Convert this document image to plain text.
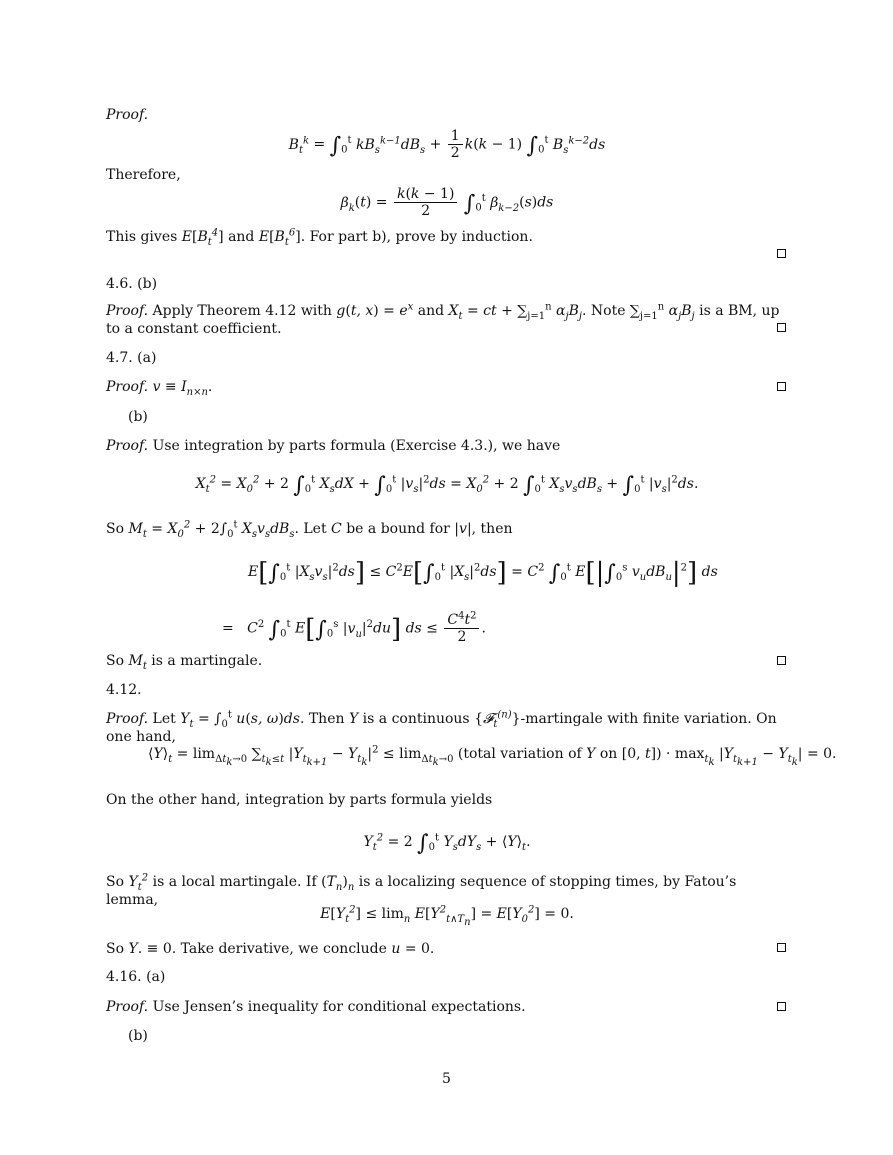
Proof.
$B_t^k = \int_0^t$ $kB_s^{k-1}dB_s + \frac{1}{2} k(k - 1)$ $\int_0^t$ $B_s^{k-2}ds$
Therefore,
$\beta_k(t) = \frac{k(k - 1)}{2} \int_0^t$ $\beta_{k-2}(s)ds$
This gives $E[B_t^4]$ and $E[B_t^6]$. For part b), prove by induction.
4.6. (b)
Proof. Apply Theorem 4.12 with g(t, $x) = e^x$ and $X_t$ = ct + $\sum_{j=1}^n$ $\alpha_jB_j$. Note $\sum_{j=1}^n$ $\alpha_jB_j$ is a BM, up to a constant coefficient.
4.7. (a)
Proof. $v \equiv I_{n\times n}$.
(b)
Proof. Use integration by parts formula (Exercise 4.3.), we have
$X_t^2 = X_0^2 + 2$ $\int_0^t$ $X_sdX + \int_0^t$ $|v_s|^2ds = X_0^2 + 2$ $\int_0^t$ $X_sv_sdB_s + \int_0^t$ $|v_s|^2ds$.
So $M_t = X_0^2 + 2\int_0^t$ $X_sv_sdB_s$. Let C be a bound for |v|, then
$E[\int_0^t$ $|X_sv_s|^2ds] \le C^2E[\int_0^t$ $|X_s|^2ds] = C^2$ $\int_0^t$ $E[|\int_0^s$ $v_udB_u|^2$] ds
=   $C^2$ $\int_0^t$ $E[\int_0^s$ $|v_u|^2du$] ds ≤ $\frac{C^4t^2}{2}$ .
So $M_t$ is a martingale.
4.12.
Proof. Let $Y_t = \int_0^t$ u(s, ω)ds. Then Y is a continuous {𝓕$_t^{(n)}$}-martingale with finite variation. On one hand,
$⟨Y⟩_t = \lim_{\Delta t_k\to 0} \sum_{t_k\le t}$ $|Y_{t_{k+1}} - Y_{t_k}|^2 \le \lim_{\Delta t_k\to 0}$ (total variation of Y on [0, $t]) \cdot \max_{t_k} |Y_{t_{k+1}} - Y_{t_k}| = 0$.
On the other hand, integration by parts formula yields
$Y_t^2 = 2$ $\int_0^t$ $Y_sdY_s$ + $⟨Y⟩_t$.
So $Y_t^2$ is a local martingale. If $(T_n)_n$ is a localizing sequence of stopping times, by Fatou’s lemma,
$E[Y_t^2] \le \lim_n E[Y^2_{t\wedge T_n}] = E[Y_0^2] = 0$.
So Y. ≡ 0. Take derivative, we conclude u = 0.
4.16. (a)
Proof. Use Jensen’s inequality for conditional expectations.
(b)
5
